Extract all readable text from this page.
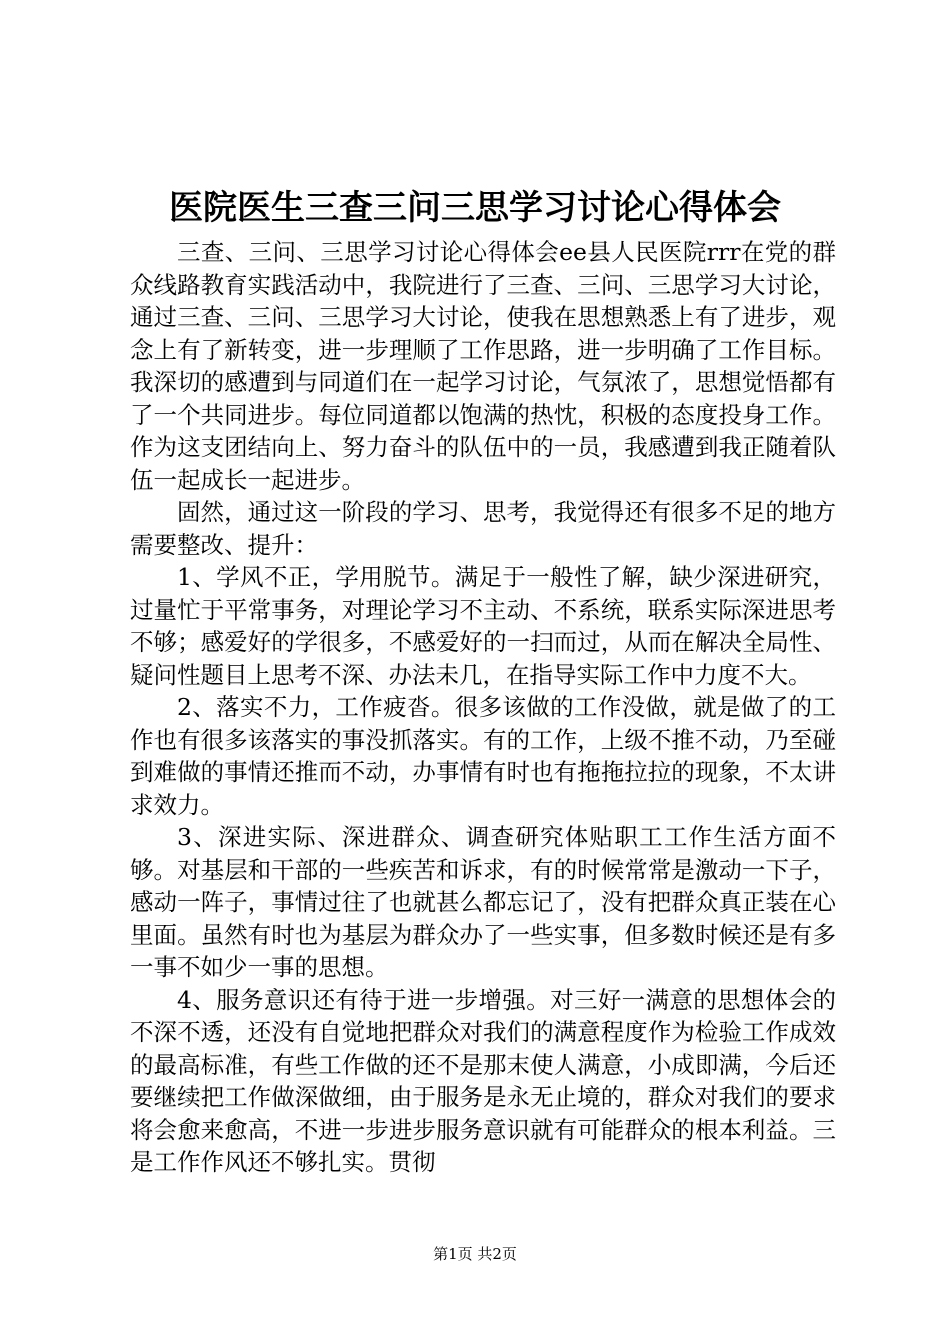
医院医生三查三问三思学习讨论心得体会

三查、三问、三思学习讨论心得体会ee县人民医院rrr在党的群众线路教育实践活动中，我院进行了三查、三问、三思学习大讨论，通过三查、三问、三思学习大讨论，使我在思想熟悉上有了进步，观念上有了新转变，进一步理顺了工作思路，进一步明确了工作目标。我深切的感遭到与同道们在一起学习讨论，气氛浓了，思想觉悟都有了一个共同进步。每位同道都以饱满的热忱，积极的态度投身工作。作为这支团结向上、努力奋斗的队伍中的一员，我感遭到我正随着队伍一起成长一起进步。

固然，通过这一阶段的学习、思考，我觉得还有很多不足的地方需要整改、提升：

1、学风不正，学用脱节。满足于一般性了解，缺少深进研究，过量忙于平常事务，对理论学习不主动、不系统，联系实际深进思考不够；感爱好的学很多，不感爱好的一扫而过，从而在解决全局性、疑问性题目上思考不深、办法未几，在指导实际工作中力度不大。

2、落实不力，工作疲沓。很多该做的工作没做，就是做了的工作也有很多该落实的事没抓落实。有的工作，上级不推不动，乃至碰到难做的事情还推而不动，办事情有时也有拖拖拉拉的现象，不太讲求效力。

3、深进实际、深进群众、调查研究体贴职工工作生活方面不够。对基层和干部的一些疾苦和诉求，有的时候常常是激动一下子，感动一阵子，事情过往了也就甚么都忘记了，没有把群众真正装在心里面。虽然有时也为基层为群众办了一些实事，但多数时候还是有多一事不如少一事的思想。

4、服务意识还有待于进一步增强。对三好一满意的思想体会的不深不透，还没有自觉地把群众对我们的满意程度作为检验工作成效的最高标准，有些工作做的还不是那末使人满意，小成即满，今后还要继续把工作做深做细，由于服务是永无止境的，群众对我们的要求将会愈来愈高，不进一步进步服务意识就有可能群众的根本利益。三是工作作风还不够扎实。贯彻

第1页 共2页
